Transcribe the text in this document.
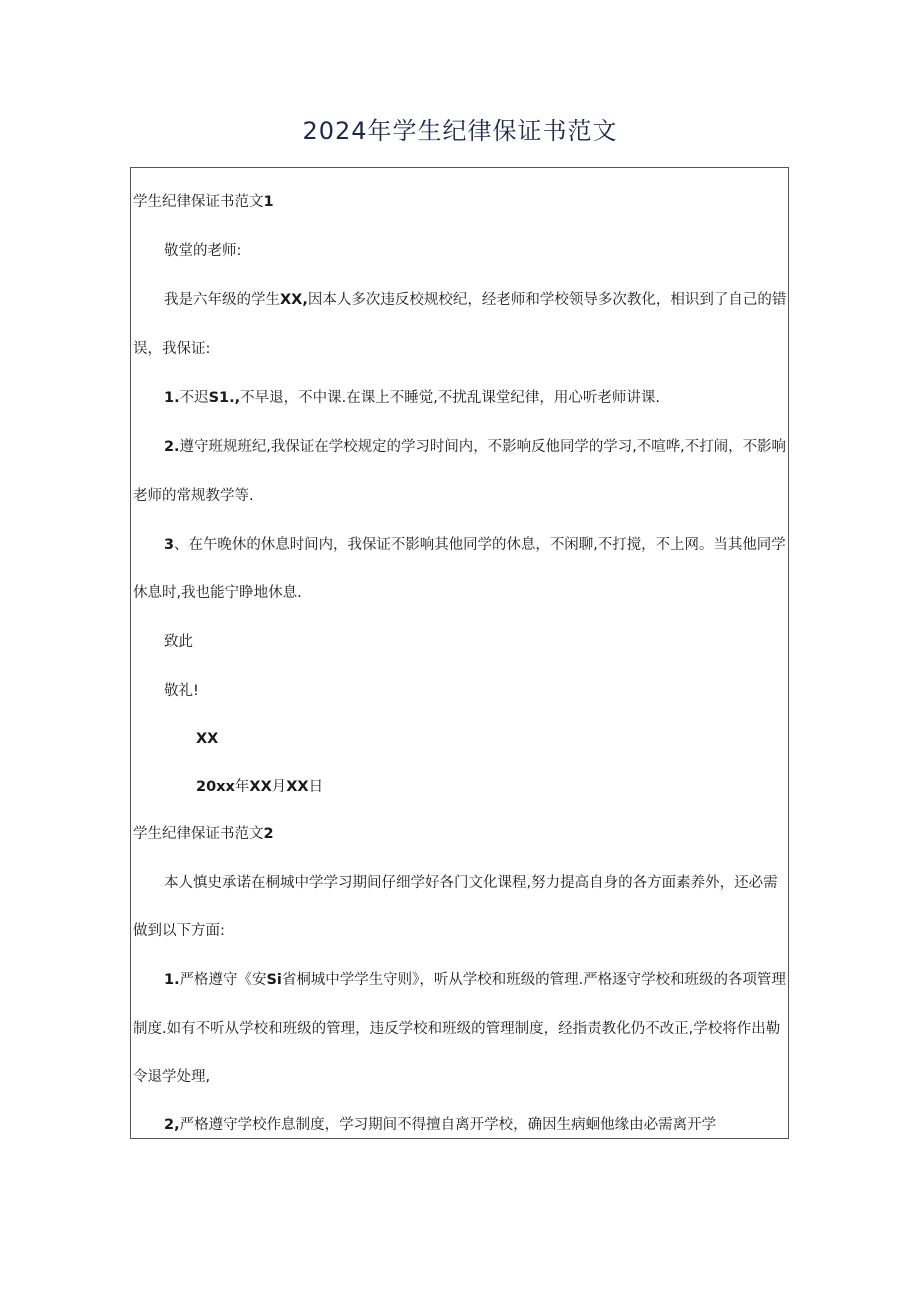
2024年学生纪律保证书范文
学生纪律保证书范文1
敬堂的老师:
我是六年级的学生XX,因本人多次违反校规校纪，经老师和学校领导多次教化，相识到了自己的错
误，我保证:
1.不迟S1.,不早退，不中课.在课上不睡觉,不扰乱课堂纪律，用心听老师讲课.
2.遵守班规班纪,我保证在学校规定的学习时间内，不影响反他同学的学习,不喧哗,不打闹，不影响
老师的常规教学等.
3、在午晚休的休息时间内，我保证不影响其他同学的休息，不闲聊,不打搅，不上网。当其他同学
休息时,我也能宁睁地休息.
致此
敬礼!
XX
20xx年XX月XX日
学生纪律保证书范文2
本人慎史承诺在桐城中学学习期间仔细学好各门文化课程,努力提高自身的各方面素养外，还必需
做到以下方面:
1.严格遵守《安Si省桐城中学学生守则》，听从学校和班级的管理.严格逐守学校和班级的各项管理
制度.如有不听从学校和班级的管理，违反学校和班级的管理制度，经指责教化仍不改正,学校将作出勒
令退学处理,
2,严格遵守学校作息制度，学习期间不得擅自离开学校，确因生病蛔他缘由必需离开学
